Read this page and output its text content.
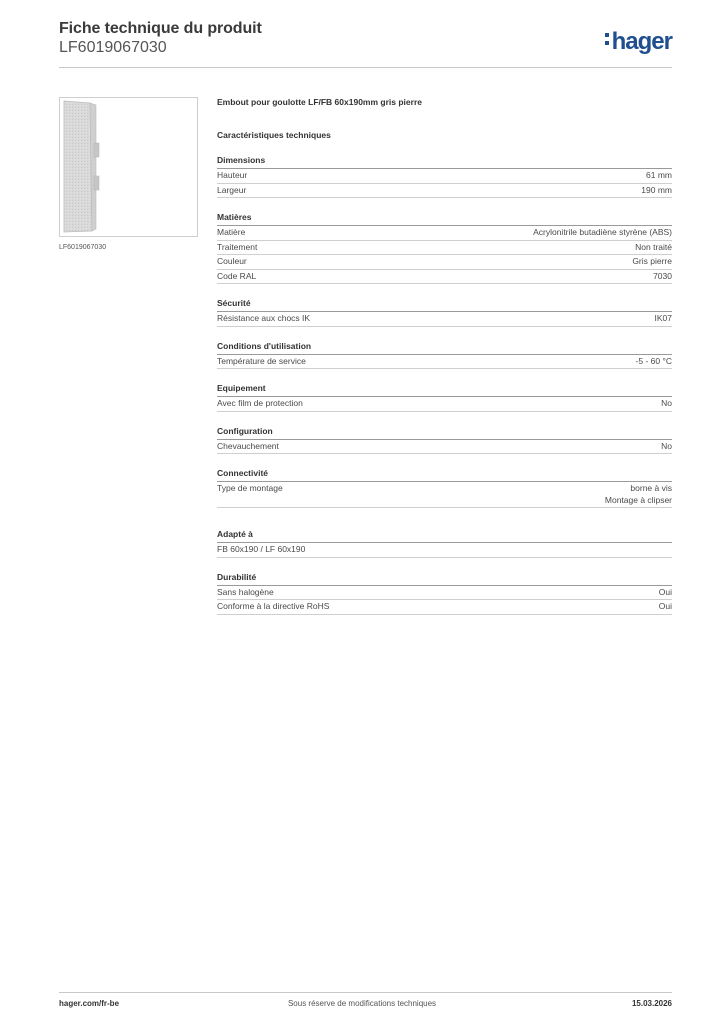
Fiche technique du produit
LF6019067030	hager
LF6019067030
Embout pour goulotte LF/FB 60x190mm gris pierre
Caractéristiques techniques
Dimensions
Hauteur	61 mm
Largeur	190 mm
Matières
Matière	Acrylonitrile butadiène styrène (ABS)
Traitement	Non traité
Couleur	Gris pierre
Code RAL	7030
Sécurité
Résistance aux chocs IK	IK07
Conditions d'utilisation
Température de service	-5 - 60 °C
Equipement
Avec film de protection	No
Configuration
Chevauchement	No
Connectivité
Type de montage	borne à vis
Montage à clipser
Adapté à
FB 60x190 / LF 60x190
Durabilité
Sans halogène	Oui
Conforme à la directive RoHS	Oui
hager.com/fr-be	Sous réserve de modifications techniques	15.03.2026
